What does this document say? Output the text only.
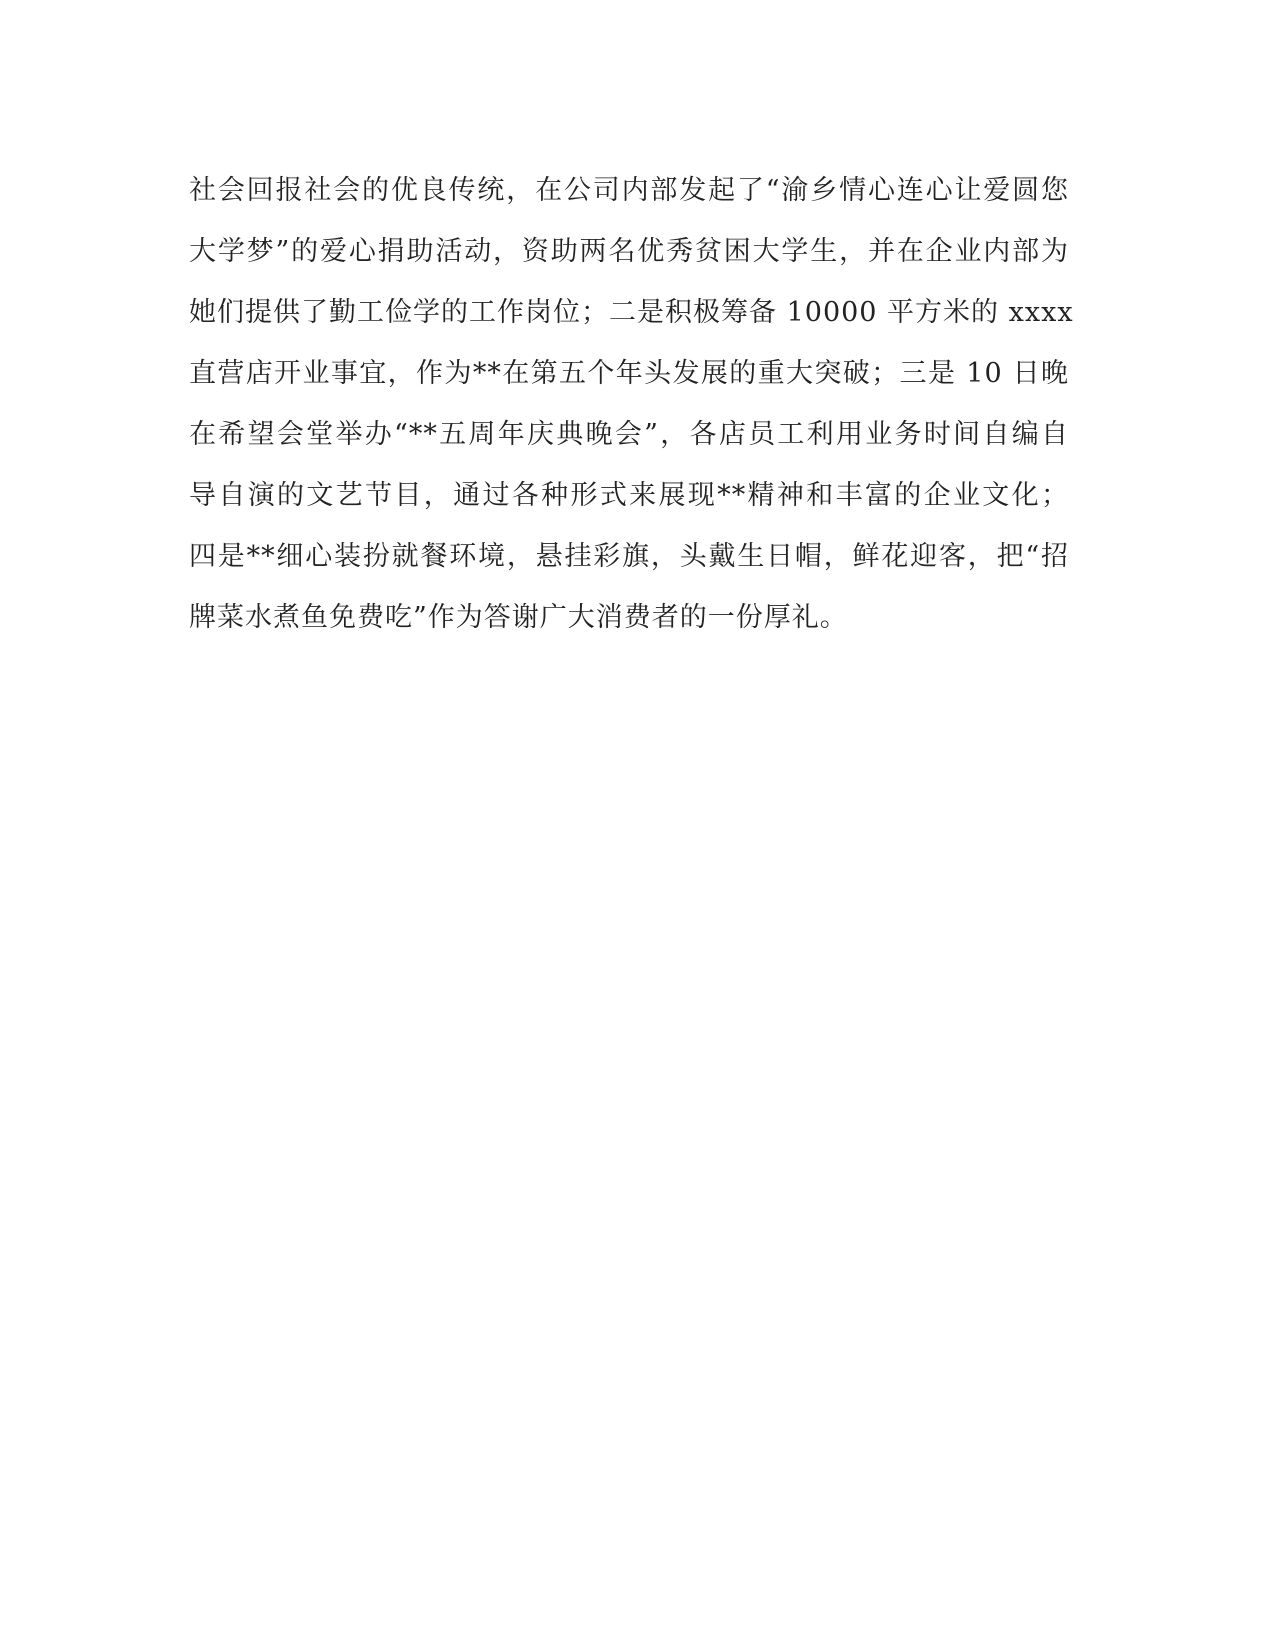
社会回报社会的优良传统，在公司内部发起了“渝乡情心连心让爱圆您
大学梦”的爱心捐助活动，资助两名优秀贫困大学生，并在企业内部为
她们提供了勤工俭学的工作岗位；二是积极筹备 10000 平方米的 xxxx
直营店开业事宜，作为**在第五个年头发展的重大突破；三是 10 日晚
在希望会堂举办“**五周年庆典晚会”，各店员工利用业务时间自编自
导自演的文艺节目，通过各种形式来展现**精神和丰富的企业文化；
四是**细心装扮就餐环境，悬挂彩旗，头戴生日帽，鲜花迎客，把“招
牌菜水煮鱼免费吃”作为答谢广大消费者的一份厚礼。
